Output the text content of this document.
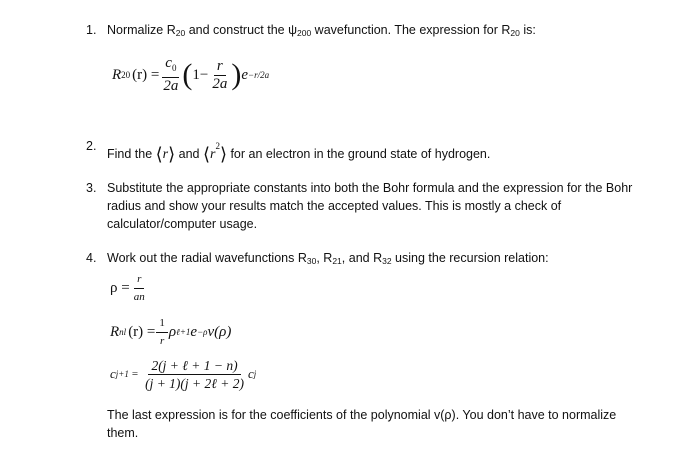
1. Normalize $R_{20}$ and construct the $\psi_{200}$ wavefunction. The expression for $R_{20}$ is:
R 20 $(r) = \frac{c_0}{2a}$ ( $1- \frac{r}{2a}$ ) e −r/2a
2.
Find the ⟨r⟩ and $⟨r^2⟩$ for an electron in the ground state of hydrogen.
3. Substitute the appropriate constants into both the Bohr formula and the expression for the Bohr
radius and show your results match the accepted values. This is mostly a check of
calculator/computer usage.
4. Work out the radial wavefunctions $R_{30}$, $R_{21}$, and $R_{32}$ using the recursion relation:
$\rho = \frac{r}{an}$
R nl $(r) = \frac{1}{r}$ ρ ℓ+1 e −ρ v(ρ)
c $j+1 = \frac{\text{2(j + ℓ + 1 − n)}}{\text{(j + 1)(j + 2ℓ + 2)}}$ c j
The last expression is for the coefficients of the polynomial v(ρ). You don’t have to normalize
them.
